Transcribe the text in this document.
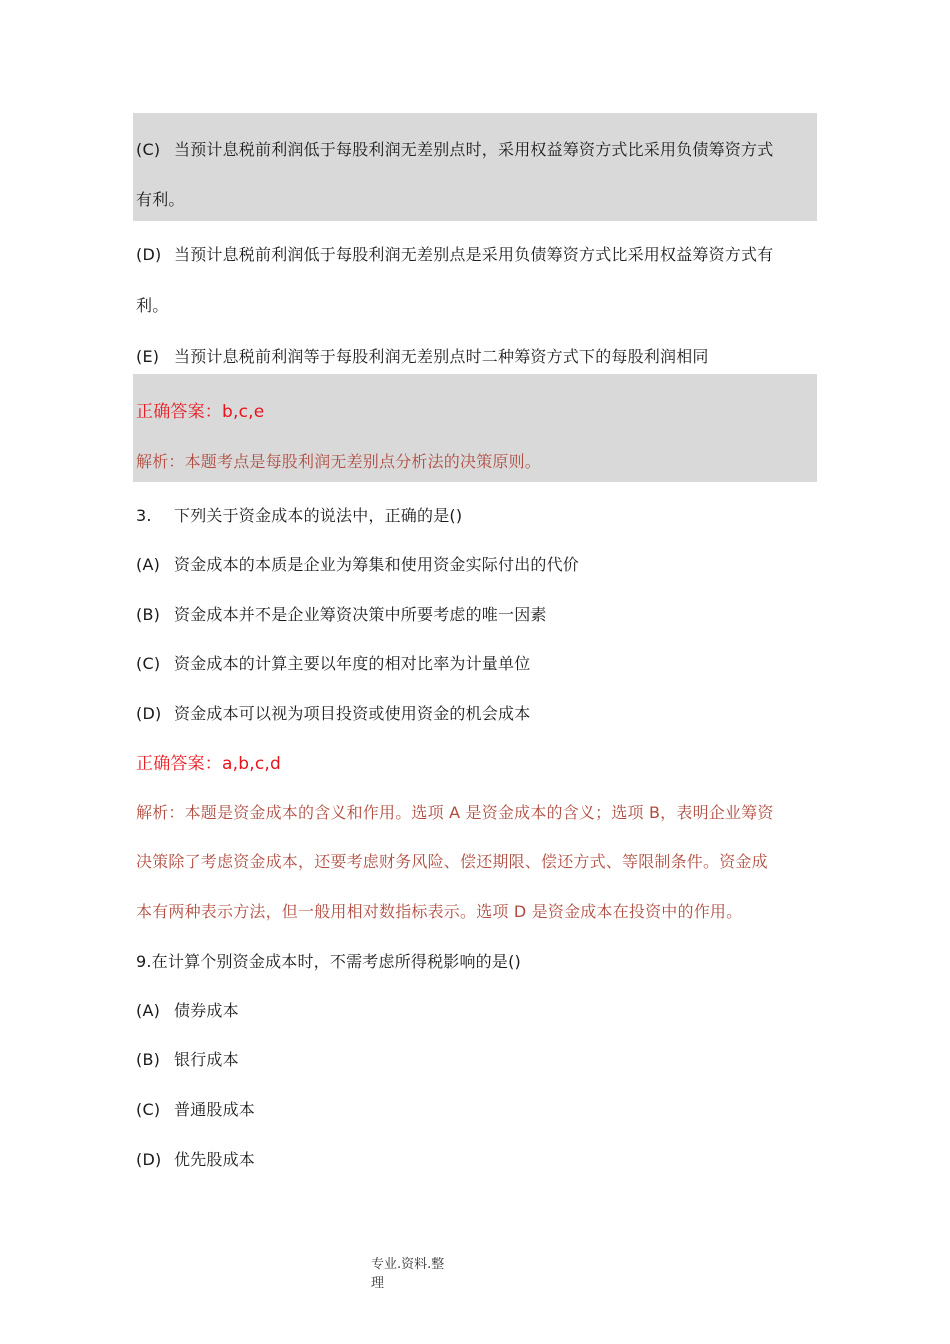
(C) 当预计息税前利润低于每股利润无差别点时，采用权益筹资方式比采用负债筹资方式
有利。
(D) 当预计息税前利润低于每股利润无差别点是采用负债筹资方式比采用权益筹资方式有
利。
(E) 当预计息税前利润等于每股利润无差别点时二种筹资方式下的每股利润相同
正确答案：b,c,e
解析：本题考点是每股利润无差别点分析法的决策原则。
3. 下列关于资金成本的说法中，正确的是()
(A) 资金成本的本质是企业为筹集和使用资金实际付出的代价
(B) 资金成本并不是企业筹资决策中所要考虑的唯一因素
(C) 资金成本的计算主要以年度的相对比率为计量单位
(D) 资金成本可以视为项目投资或使用资金的机会成本
正确答案：a,b,c,d
解析：本题是资金成本的含义和作用。选项 A 是资金成本的含义；选项 B，表明企业筹资
决策除了考虑资金成本，还要考虑财务风险、偿还期限、偿还方式、等限制条件。资金成
本有两种表示方法，但一般用相对数指标表示。选项 D 是资金成本在投资中的作用。
9.在计算个别资金成本时，不需考虑所得税影响的是()
(A) 债券成本
(B) 银行成本
(C) 普通股成本
(D) 优先股成本
专业.资料.整
理
